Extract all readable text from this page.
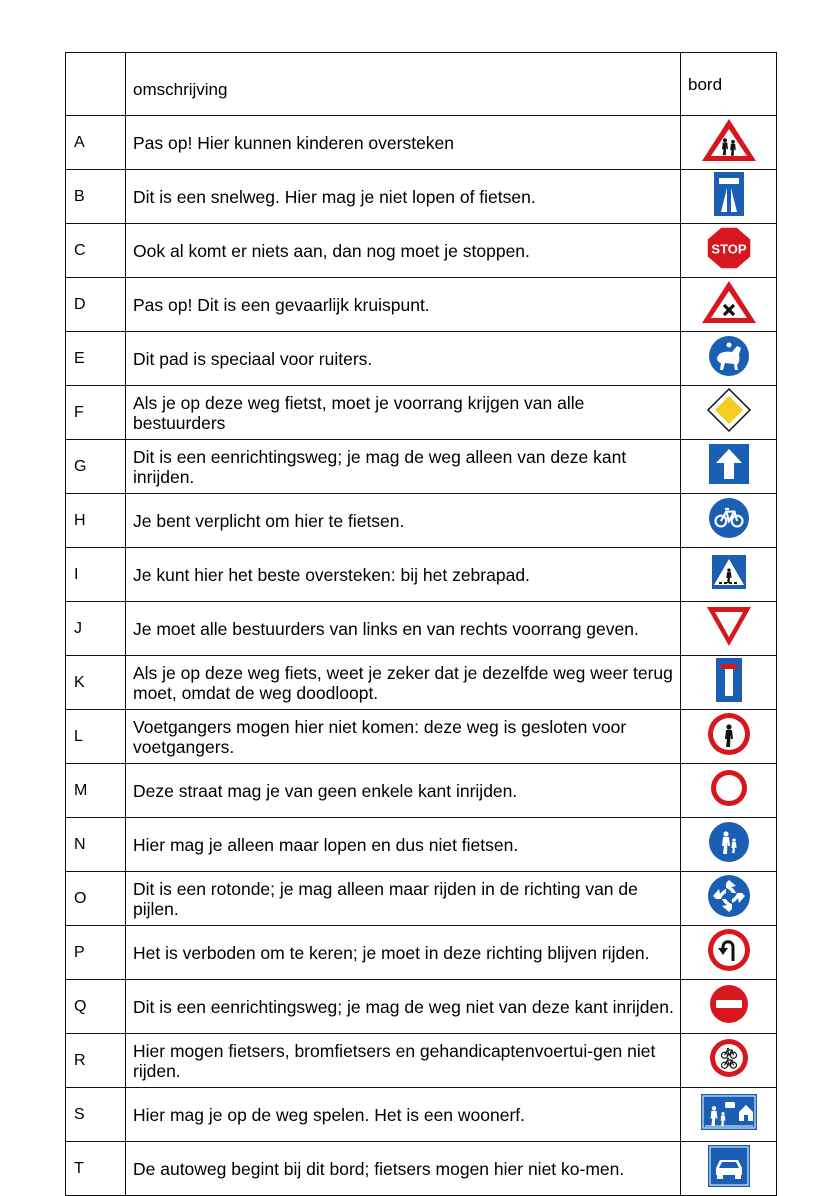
	omschrijving	bord
A	Pas op! Hier kunnen kinderen oversteken	

B	Dit is een snelweg. Hier mag je niet lopen of fietsen.	

C	Ook al komt er niets aan, dan nog moet je stoppen.	STOP

D	Pas op! Dit is een gevaarlijk kruispunt.	

E	Dit pad is speciaal voor ruiters.	

F	Als je op deze weg fietst, moet je voorrang krijgen van alle bestuurders	

G	Dit is een eenrichtingsweg; je mag de weg alleen van deze kant inrijden.	

H	Je bent verplicht om hier te fietsen.	

I	Je kunt hier het beste oversteken: bij het zebrapad.	

J	Je moet alle bestuurders van links en van rechts voorrang geven.	

K	Als je op deze weg fiets, weet je zeker dat je dezelfde weg weer terug moet, omdat de weg doodloopt.	

L	Voetgangers mogen hier niet komen: deze weg is gesloten voor voetgangers.	

M	Deze straat mag je van geen enkele kant inrijden.	

N	Hier mag je alleen maar lopen en dus niet fietsen.	

O	Dit is een rotonde; je mag alleen maar rijden in de richting van de pijlen.	

P	Het is verboden om te keren; je moet in deze richting blijven rijden.	

Q	Dit is een eenrichtingsweg; je mag de weg niet van deze kant inrijden.	

R	Hier mogen fietsers, bromfietsers en gehandicaptenvoertui-gen niet rijden.	

S	Hier mag je op de weg spelen. Het is een woonerf.	

T	De autoweg begint bij dit bord; fietsers mogen hier niet ko-men.	
